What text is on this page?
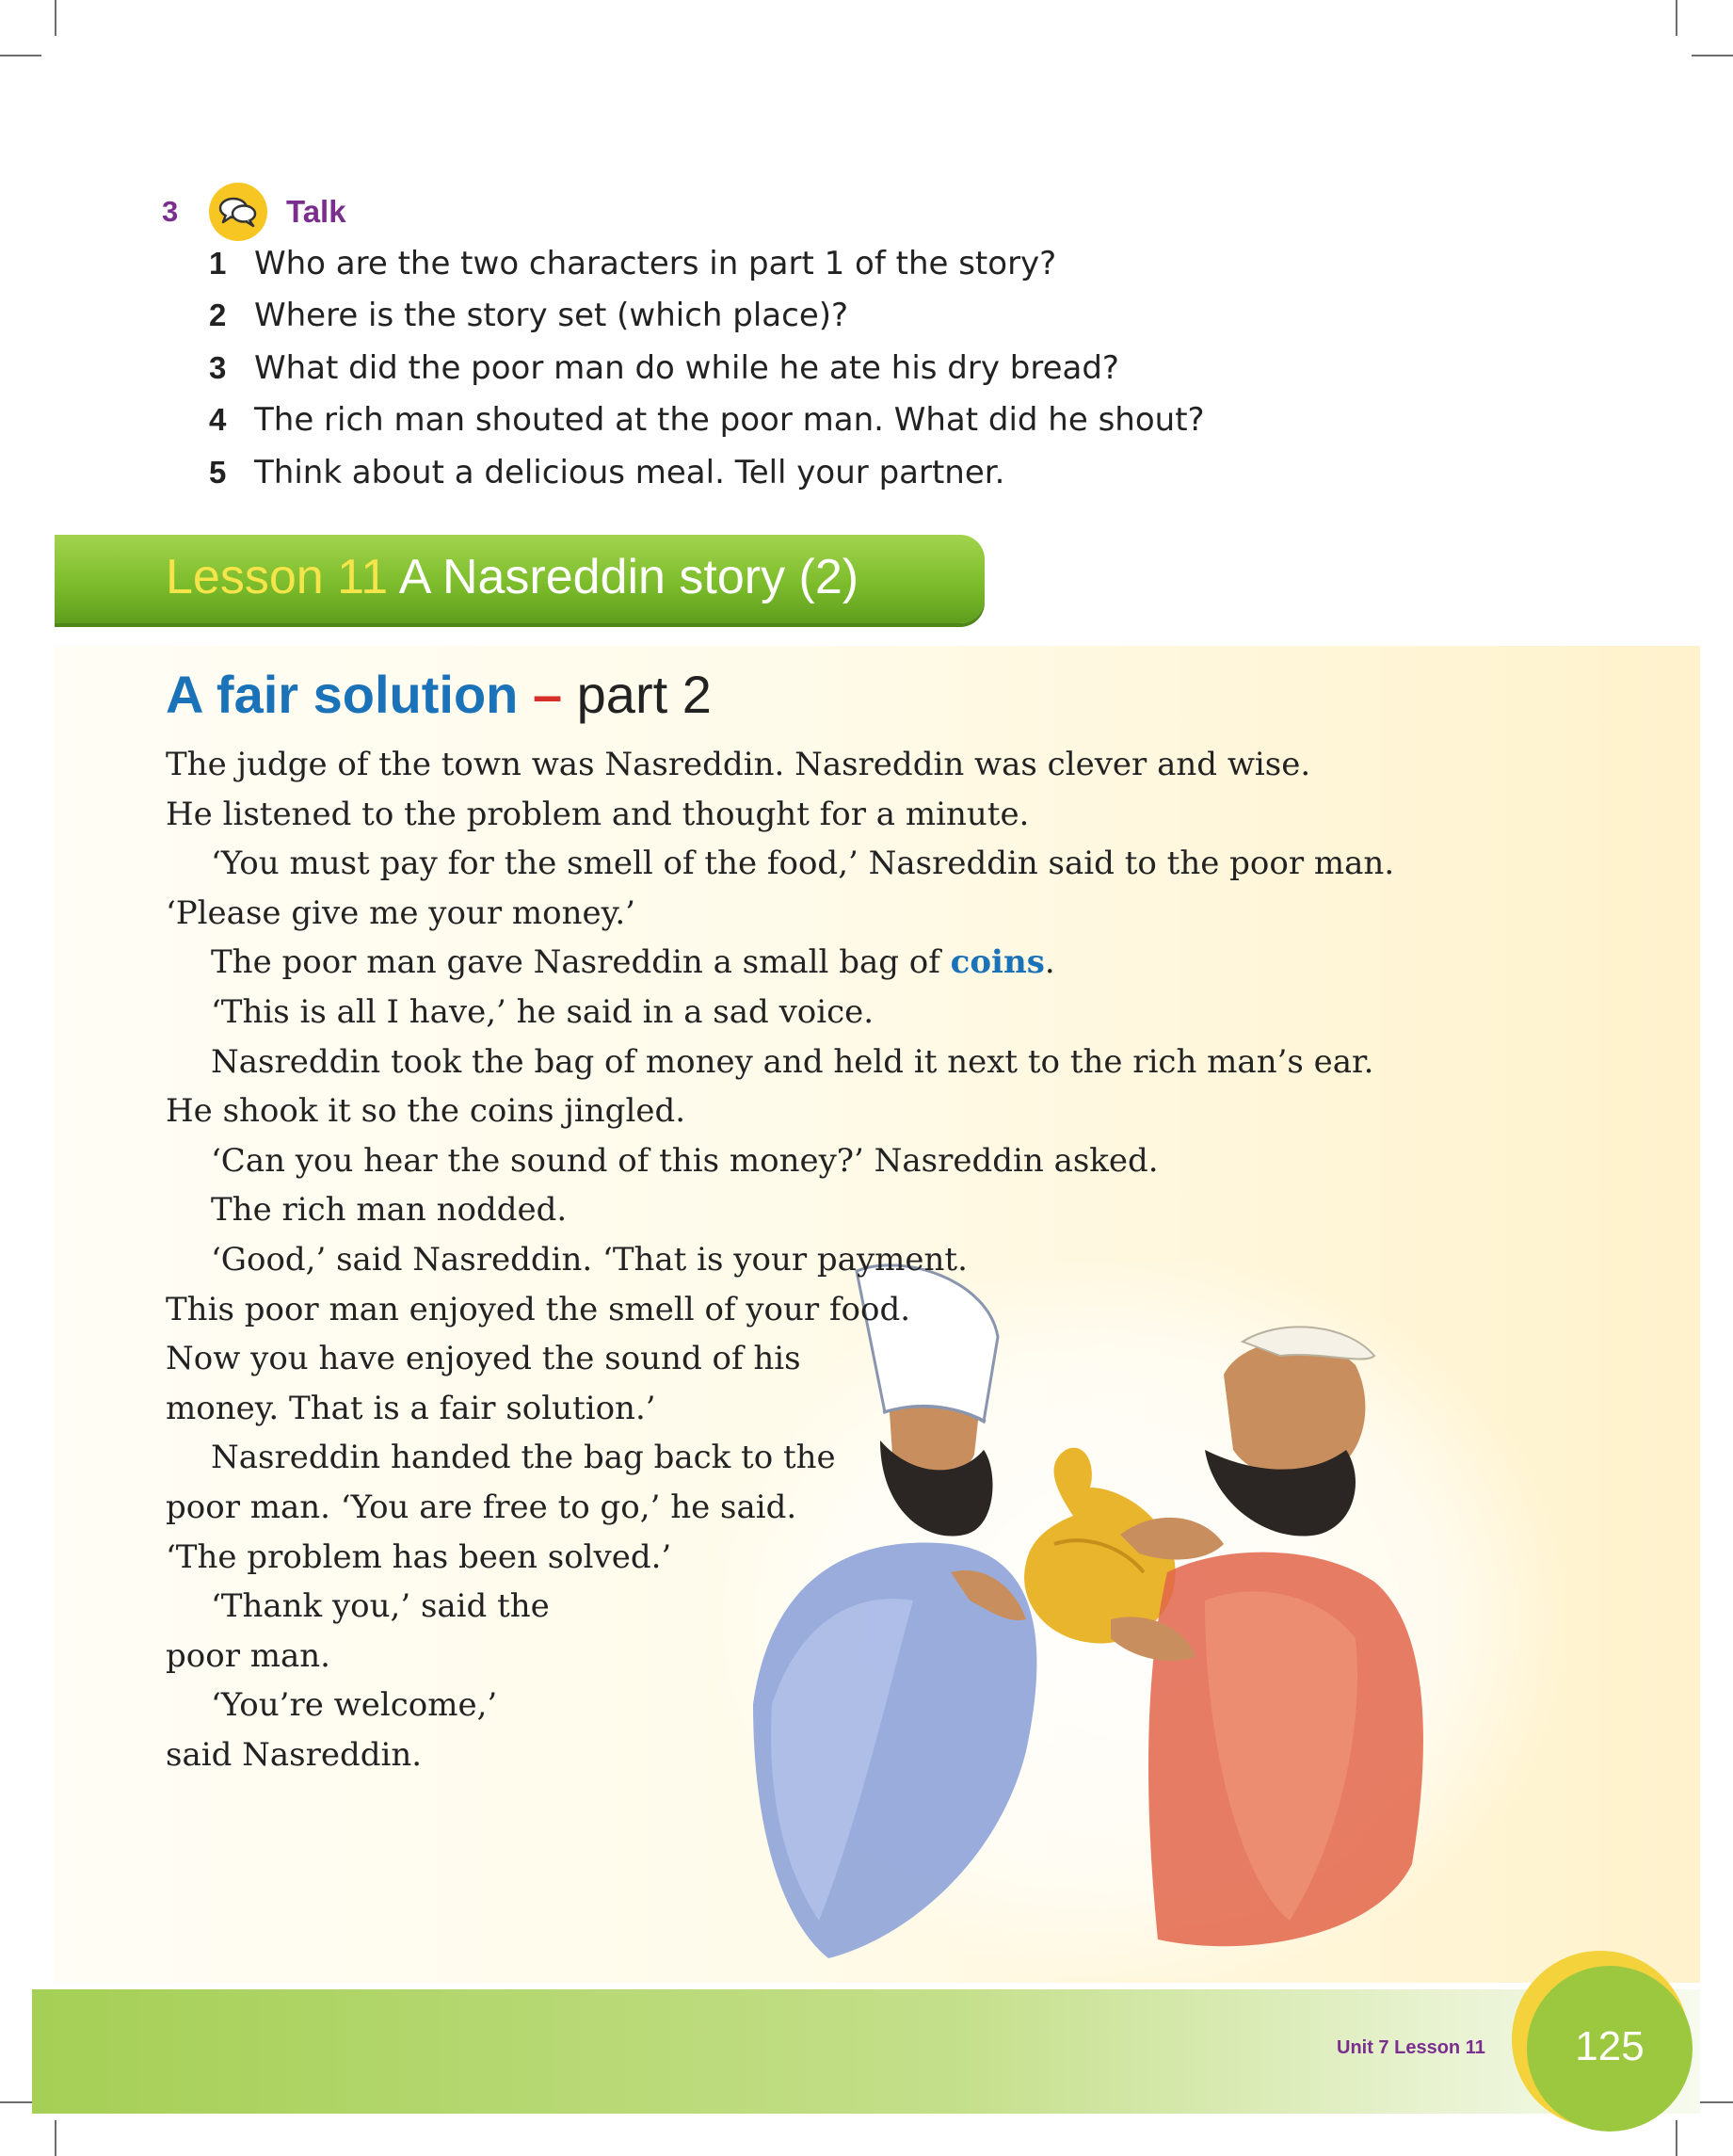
3	Talk
1 Who are the two characters in part 1 of the story?
2 Where is the story set (which place)?
3 What did the poor man do while he ate his dry bread?
4 The rich man shouted at the poor man. What did he shout?
5 Think about a delicious meal. Tell your partner.
Lesson 11 A Nasreddin story (2)
A fair solution – part 2
The judge of the town was Nasreddin. Nasreddin was clever and wise.
He listened to the problem and thought for a minute.
‘You must pay for the smell of the food,’ Nasreddin said to the poor man.
‘Please give me your money.’
The poor man gave Nasreddin a small bag of coins.
‘This is all I have,’ he said in a sad voice.
Nasreddin took the bag of money and held it next to the rich man’s ear.
He shook it so the coins jingled.
‘Can you hear the sound of this money?’ Nasreddin asked.
The rich man nodded.
‘Good,’ said Nasreddin. ‘That is your payment.
This poor man enjoyed the smell of your food.
Now you have enjoyed the sound of his
money. That is a fair solution.’
Nasreddin handed the bag back to the
poor man. ‘You are free to go,’ he said.
‘The problem has been solved.’
‘Thank you,’ said the
poor man.
‘You’re welcome,’
said Nasreddin.
125
Unit 7 Lesson 11
